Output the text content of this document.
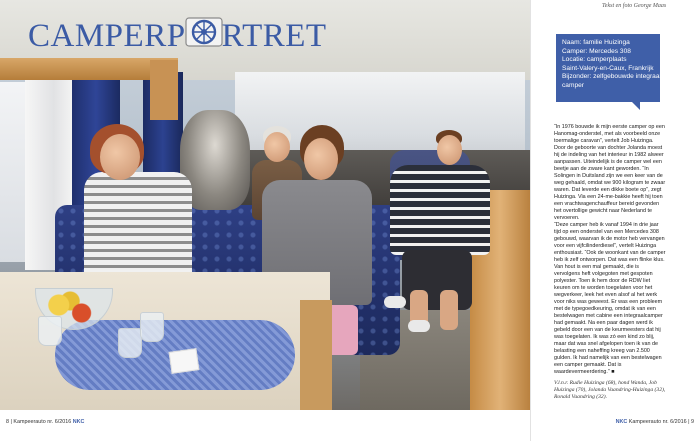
CAMPERP RTRET
Tekst en foto George Maas
Naam: familie Huizinga
Camper: Mercedes 308
Locatie: camperplaats
Saint-Valery-en-Caux, Frankrijk
Bijzonder: zelfgebouwde integraal-
camper

“In 1976 bouwde ik mijn eerste camper op een Hanomag-onderstel, met als voorbeeld onze toermalige caravan”, vertelt Job Huizinga. Door de geboorte van dochter Jolanda moest hij de indeling van het interieur in 1982 alweer aanpassen. Uiteindelijk is de camper wel een beetje aan de zware kant geworden. “In Solingen in Duitsland zijn we een keer van de weg gehaald, omdat we 900 kilogram te zwaar waren. Dat leverde een dikke boete op”, zegt Huizinga. Via een 24-me-bakkie heeft hij toen een vrachtwagenchauffeur bereid gevonden het overtollige gewicht naar Nederland te vervoeren.

“Deze camper heb ik vanaf 1994 in drie jaar tijd op een onderstel van een Mercedes 308 gebouwd, waarvan ik de motor heb vervangen voor een vijfcilinderdiesel”, vertelt Huizinga enthousiast. “Ook de woonkant van de camper heb ik zelf ontworpen. Dat was een flinke klus. Van hout is een mal gemaakt, die is vervolgens heft volgegoten met gespoten polyester. Toen ik hem door de RDW liet keuren om te worden toegelaten voor het wegverkeer, leek het even alsof al het werk voor niks was geweest. Er was een probleem met de typegoedkeuring, omdat ik van een bestelwagen met cabine een integraalcamper had gemaakt. Na een paar dagen werd ik gebeld door een van de keurmeesters dat hij was toegelaten. Ik was zó een kind zo blij, maar dat was snel afgelopen toen ik van de belasting een naheffing kreeg van 2.500 gulden. Ik had namelijk van een bestelwagen een camper gemaakt. Dat is waardevermeerdering.” ■

V.l.n.r. Rudie Huizinga (68), hond Wanda, Job Huizinga (70), Jolanda Vaandring-Huizinga (32), Ronald Vaandring (32).
8 | Kampeerauto nr. 6/2016 NKC	NKC Kampeerauto nr. 6/2016 | 9
